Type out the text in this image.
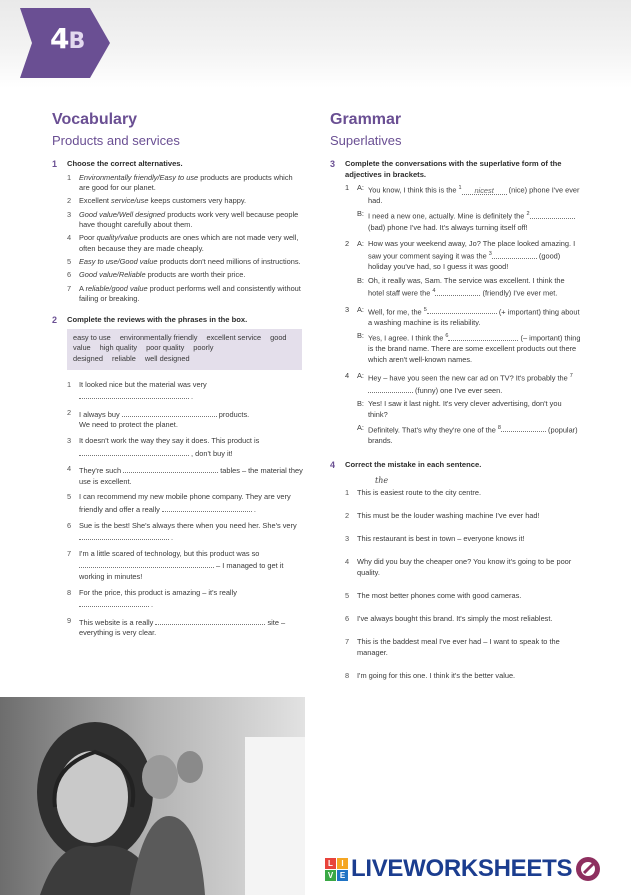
4B
Vocabulary
Products and services
1	Choose the correct alternatives.
1	Environmentally friendly/Easy to use products are products which are good for our planet.
2	Excellent service/use keeps customers very happy.
3	Good value/Well designed products work very well because people have thought carefully about them.
4	Poor quality/value products are ones which are not made very well, often because they are made cheaply.
5	Easy to use/Good value products don't need millions of instructions.
6	Good value/Reliable products are worth their price.
7	A reliable/good value product performs well and consistently without failing or breaking.
2	Complete the reviews with the phrases in the box.
easy to use environmentally friendly excellent service good value high quality poor quality poorly designed reliable well designed
1	It looked nice but the material was very  .
2	I always buy	products.
We need to protect the planet.
3	It doesn't work the way they say it does. This product is  , don't buy it!
4	They're such	tables – the material they use is excellent.
5	I can recommend my new mobile phone company. They are very friendly and offer a really	.
6	Sue is the best! She's always there when you need her. She's very  .
7	I'm a little scared of technology, but this product was so  – I managed to get it working in minutes!
8	For the price, this product is amazing – it's really  .
9	This website is a really	site – everything is very clear.
Grammar
Superlatives
3	Complete the conversations with the superlative form of the adjectives in brackets.
1	A: You know, I think this is the $^1$ nicest (nice) phone I've ever had.
B: I need a new one, actually. Mine is definitely the $^2$ (bad) phone I've had. It's always turning itself off!
2	A: How was your weekend away, Jo? The place looked amazing. I saw your comment saying it was the $^3$	(good) holiday you've had, so I guess it was good!
B: Oh, it really was, Sam. The service was excellent. I think the hotel staff were the $^4$	(friendly) I've ever met.
3	A: Well, for me, the $^5$	(+ important) thing about a washing machine is its reliability.
B: Yes, I agree. I think the $^6$	(– important) thing is the brand name. There are some excellent products out there which aren't well-known names.
4	A: Hey – have you seen the new car ad on TV? It's probably the $^7$ (funny) one I've ever seen.
B: Yes! I saw it last night. It's very clever advertising, don't you think?
A: Definitely. That's why they're one of the $^8$	(popular) brands.
4	Correct the mistake in each sentence.
1	This is easiest route to the city centre.
the
2	This must be the louder washing machine I've ever had!
3	This restaurant is best in town – everyone knows it!
4	Why did you buy the cheaper one? You know it's going to be poor quality.
5	The most better phones come with good cameras.
6	I've always bought this brand. It's simply the most reliablest.
7	This is the baddest meal I've ever had – I want to speak to the manager.
8	I'm going for this one. I think it's the better value.
L	I
V E LIVEWORKSHEETS
